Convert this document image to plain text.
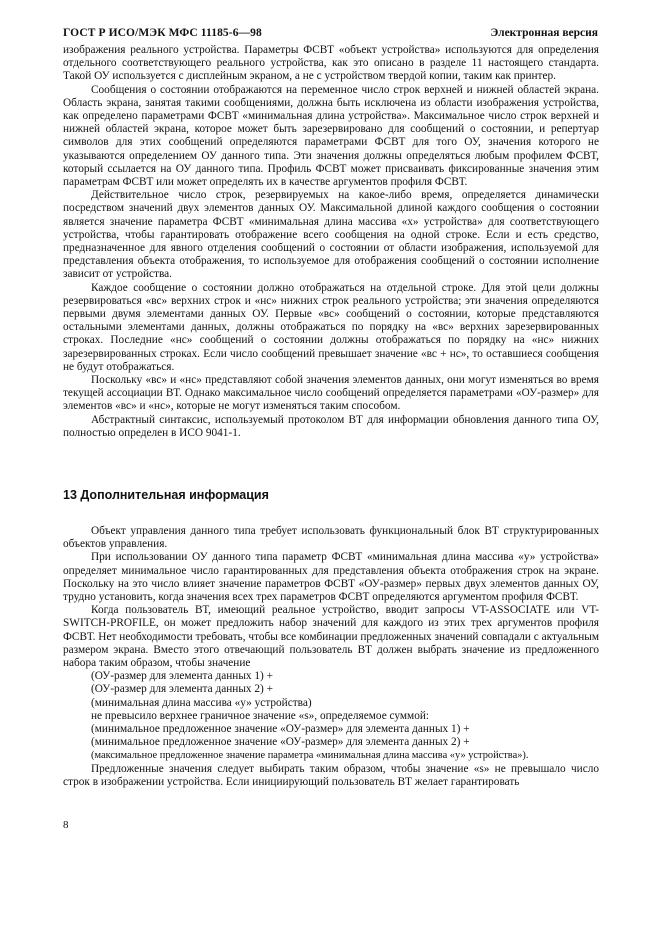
ГОСТ Р ИСО/МЭК МФС 11185-6—98	Электронная версия

изображения реального устройства. Параметры ФСВТ «объект устройства» используются для определения отдельного соответствующего реального устройства, как это описано в разделе 11 настоящего стандарта. Такой ОУ используется с дисплейным экраном, а не с устройством твердой копии, таким как принтер.

Сообщения о состоянии отображаются на переменное число строк верхней и нижней областей экрана. Область экрана, занятая такими сообщениями, должна быть исключена из области изображения устройства, как определено параметрами ФСВТ «минимальная длина устройства». Максимальное число строк верхней и нижней областей экрана, которое может быть зарезервировано для сообщений о состоянии, и репертуар символов для этих сообщений определяются параметрами ФСВТ для того ОУ, значения которого не указываются определением ОУ данного типа. Эти значения должны определяться любым профилем ФСВТ, который ссылается на ОУ данного типа. Профиль ФСВТ может присваивать фиксированные значения этим параметрам ФСВТ или может определять их в качестве аргументов профиля ФСВТ.

Действительное число строк, резервируемых на какое-либо время, определяется динамически посредством значений двух элементов данных ОУ. Максимальной длиной каждого сообщения о состоянии является значение параметра ФСВТ «минимальная длина массива «х» устройства» для соответствующего устройства, чтобы гарантировать отображение всего сообщения на одной строке. Если и есть средство, предназначенное для явного отделения сообщений о состоянии от области изображения, используемой для представления объекта отображения, то используемое для отображения сообщений о состоянии исполнение зависит от устройства.

Каждое сообщение о состоянии должно отображаться на отдельной строке. Для этой цели должны резервироваться «вс» верхних строк и «нс» нижних строк реального устройства; эти значения определяются первыми двумя элементами данных ОУ. Первые «вс» сообщений о состоянии, которые представляются остальными элементами данных, должны отображаться по порядку на «вс» верхних зарезервированных строках. Последние «нс» сообщений о состоянии должны отображаться по порядку на «нс» нижних зарезервированных строках. Если число сообщений превышает значение «вс + нс», то оставшиеся сообщения не будут отображаться.

Поскольку «вс» и «нс» представляют собой значения элементов данных, они могут изменяться во время текущей ассоциации ВТ. Однако максимальное число сообщений определяется параметрами «ОУ-размер» для элементов «вс» и «нс», которые не могут изменяться таким способом.

Абстрактный синтаксис, используемый протоколом ВТ для информации обновления данного типа ОУ, полностью определен в ИСО 9041-1.

13 Дополнительная информация

Объект управления данного типа требует использовать функциональный блок ВТ структурированных объектов управления.

При использовании ОУ данного типа параметр ФСВТ «минимальная длина массива «у» устройства» определяет минимальное число гарантированных для представления объекта отображения строк на экране. Поскольку на это число влияет значение параметров ФСВТ «ОУ-размер» первых двух элементов данных ОУ, трудно установить, когда значения всех трех параметров ФСВТ определяются аргументом профиля ФСВТ.

Когда пользователь ВТ, имеющий реальное устройство, вводит запросы VT-ASSOCIATE или VT-SWITCH-PROFILE, он может предложить набор значений для каждого из этих трех аргументов профиля ФСВТ. Нет необходимости требовать, чтобы все комбинации предложенных значений совпадали с актуальным размером экрана. Вместо этого отвечающий пользователь ВТ должен выбрать значение из предложенного набора таким образом, чтобы значение

(ОУ-размер для элемента данных 1) +

(ОУ-размер для элемента данных 2) +

(минимальная длина массива «у» устройства)

не превысило верхнее граничное значение «s», определяемое суммой:

(минимальное предложенное значение «ОУ-размер» для элемента данных 1) +

(минимальное предложенное значение «ОУ-размер» для элемента данных 2) +

(максимальное предложенное значение параметра «минимальная длина массива «у» устройства»).

Предложенные значения следует выбирать таким образом, чтобы значение «s» не превышало число строк в изображении устройства. Если инициирующий пользователь ВТ желает гарантировать

8
